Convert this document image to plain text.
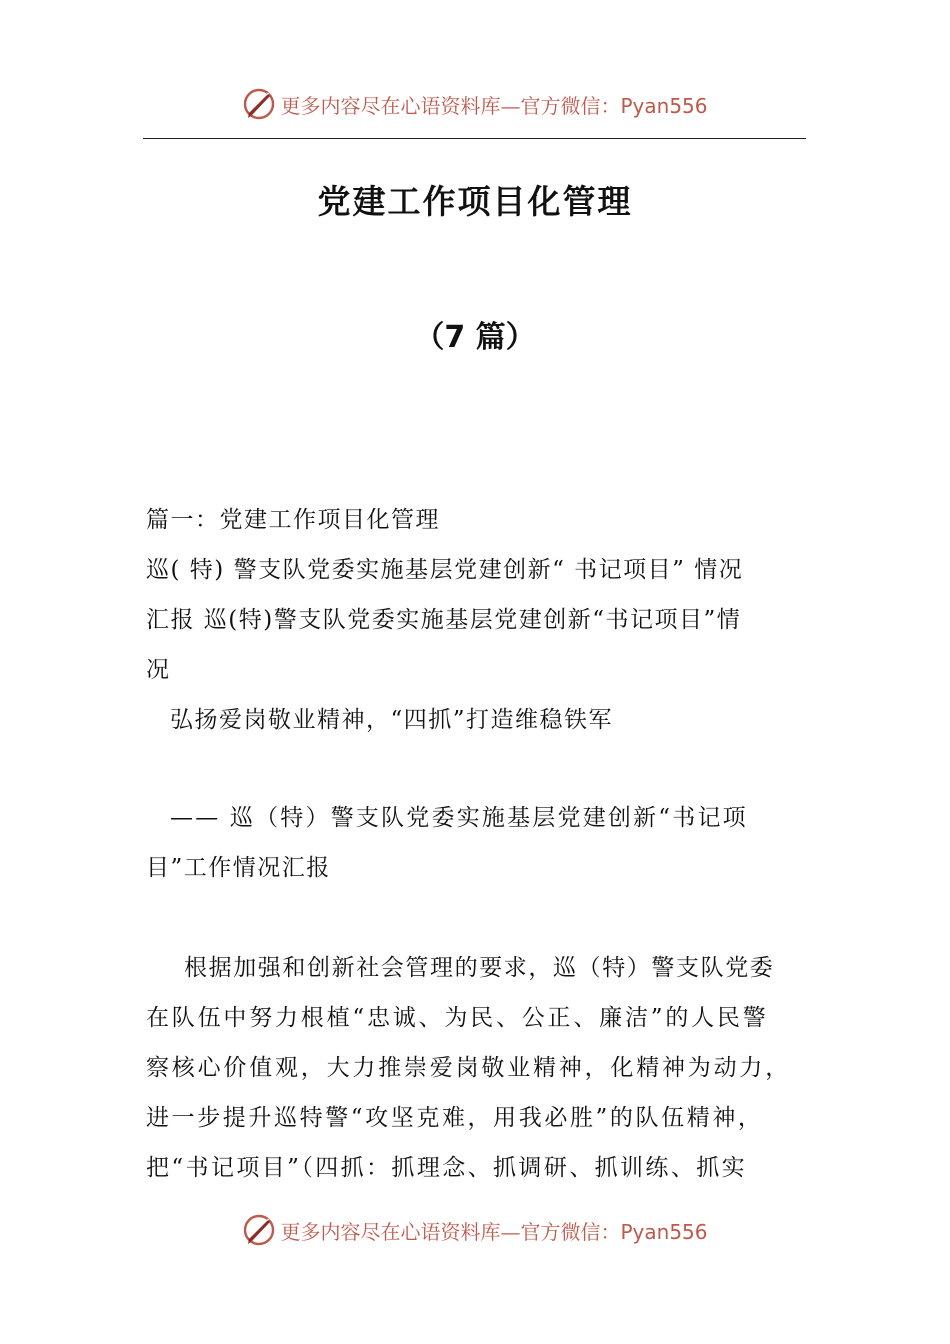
更多内容尽在心语资料库—官方微信：Pyan556
党建工作项目化管理
（7 篇）
篇一：党建工作项目化管理
巡( 特) 警支队党委实施基层党建创新“ 书记项目” 情况
汇报 巡(特)警支队党委实施基层党建创新“书记项目”情
况
弘扬爱岗敬业精神，“四抓”打造维稳铁军
—— 巡（特）警支队党委实施基层党建创新“书记项
目”工作情况汇报
根据加强和创新社会管理的要求，巡（特）警支队党委
在队伍中努力根植“忠诚、为民、公正、廉洁”的人民警
察核心价值观，大力推崇爱岗敬业精神，化精神为动力，
进一步提升巡特警“攻坚克难，用我必胜”的队伍精神，
把“书记项目”（四抓：抓理念、抓调研、抓训练、抓实
更多内容尽在心语资料库—官方微信：Pyan556
